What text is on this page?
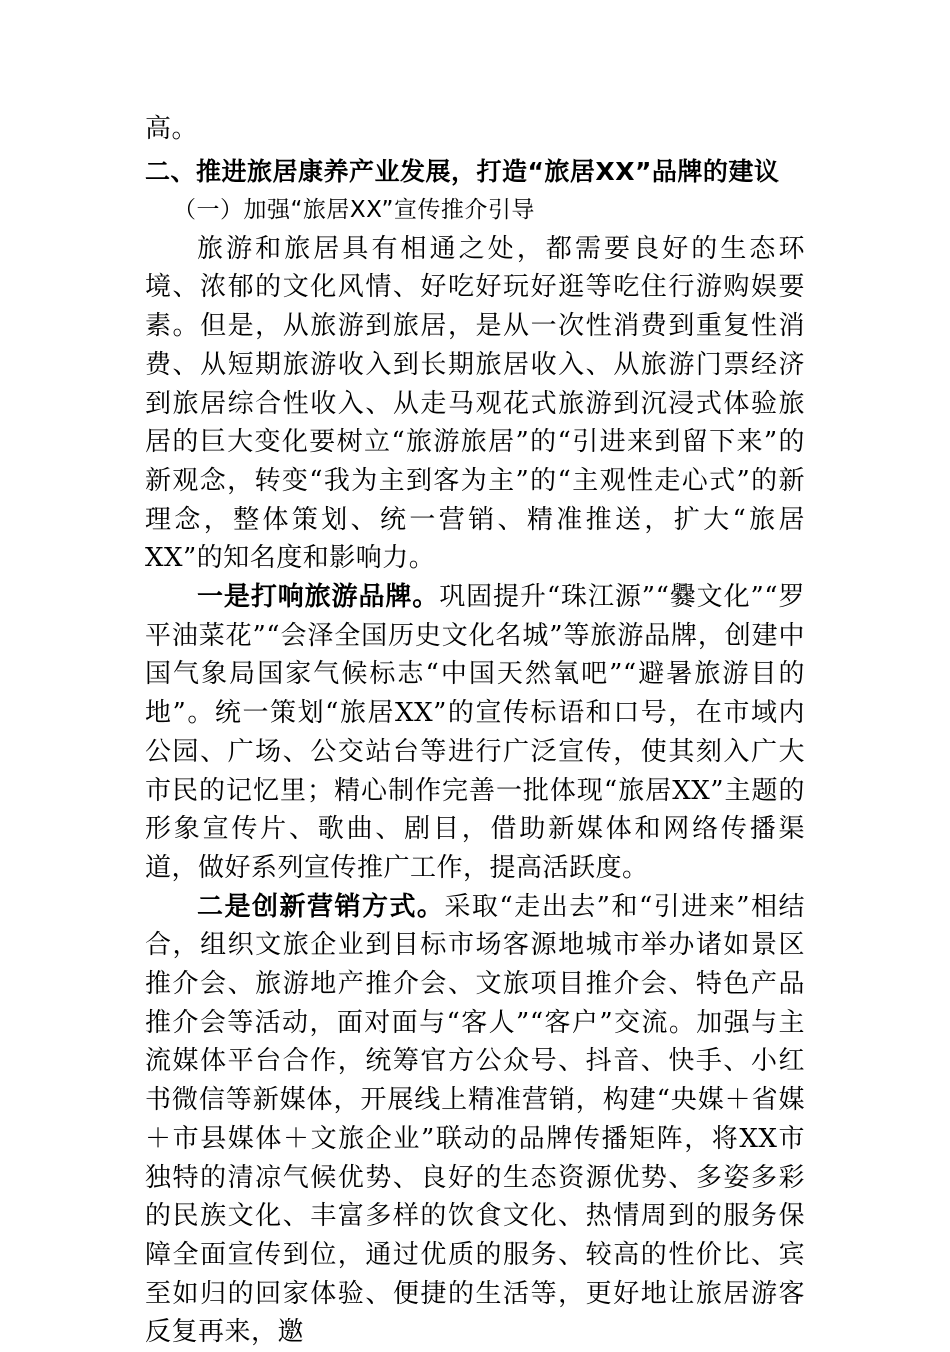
高。

二、推进旅居康养产业发展，打造“旅居XX”品牌的建议

（一）加强“旅居XX”宣传推介引导

旅游和旅居具有相通之处，都需要良好的生态环境、浓郁的文化风情、好吃好玩好逛等吃住行游购娱要素。但是，从旅游到旅居，是从一次性消费到重复性消费、从短期旅游收入到长期旅居收入、从旅游门票经济到旅居综合性收入、从走马观花式旅游到沉浸式体验旅居的巨大变化要树立“旅游旅居”的“引进来到留下来”的新观念，转变“我为主到客为主”的“主观性走心式”的新理念，整体策划、统一营销、精准推送，扩大“旅居XX”的知名度和影响力。

一是打响旅游品牌。巩固提升“珠江源”“爨文化”“罗平油菜花”“会泽全国历史文化名城”等旅游品牌，创建中国气象局国家气候标志“中国天然氧吧”“避暑旅游目的地”。统一策划“旅居XX”的宣传标语和口号，在市域内公园、广场、公交站台等进行广泛宣传，使其刻入广大市民的记忆里；精心制作完善一批体现“旅居XX”主题的形象宣传片、歌曲、剧目，借助新媒体和网络传播渠道，做好系列宣传推广工作，提高活跃度。

二是创新营销方式。采取“走出去”和“引进来”相结合，组织文旅企业到目标市场客源地城市举办诸如景区推介会、旅游地产推介会、文旅项目推介会、特色产品推介会等活动，面对面与“客人”“客户”交流。加强与主流媒体平台合作，统筹官方公众号、抖音、快手、小红书微信等新媒体，开展线上精准营销，构建“央媒＋省媒＋市县媒体＋文旅企业”联动的品牌传播矩阵，将XX市独特的清凉气候优势、良好的生态资源优势、多姿多彩的民族文化、丰富多样的饮食文化、热情周到的服务保障全面宣传到位，通过优质的服务、较高的性价比、宾至如归的回家体验、便捷的生活等，更好地让旅居游客反复再来，邀
